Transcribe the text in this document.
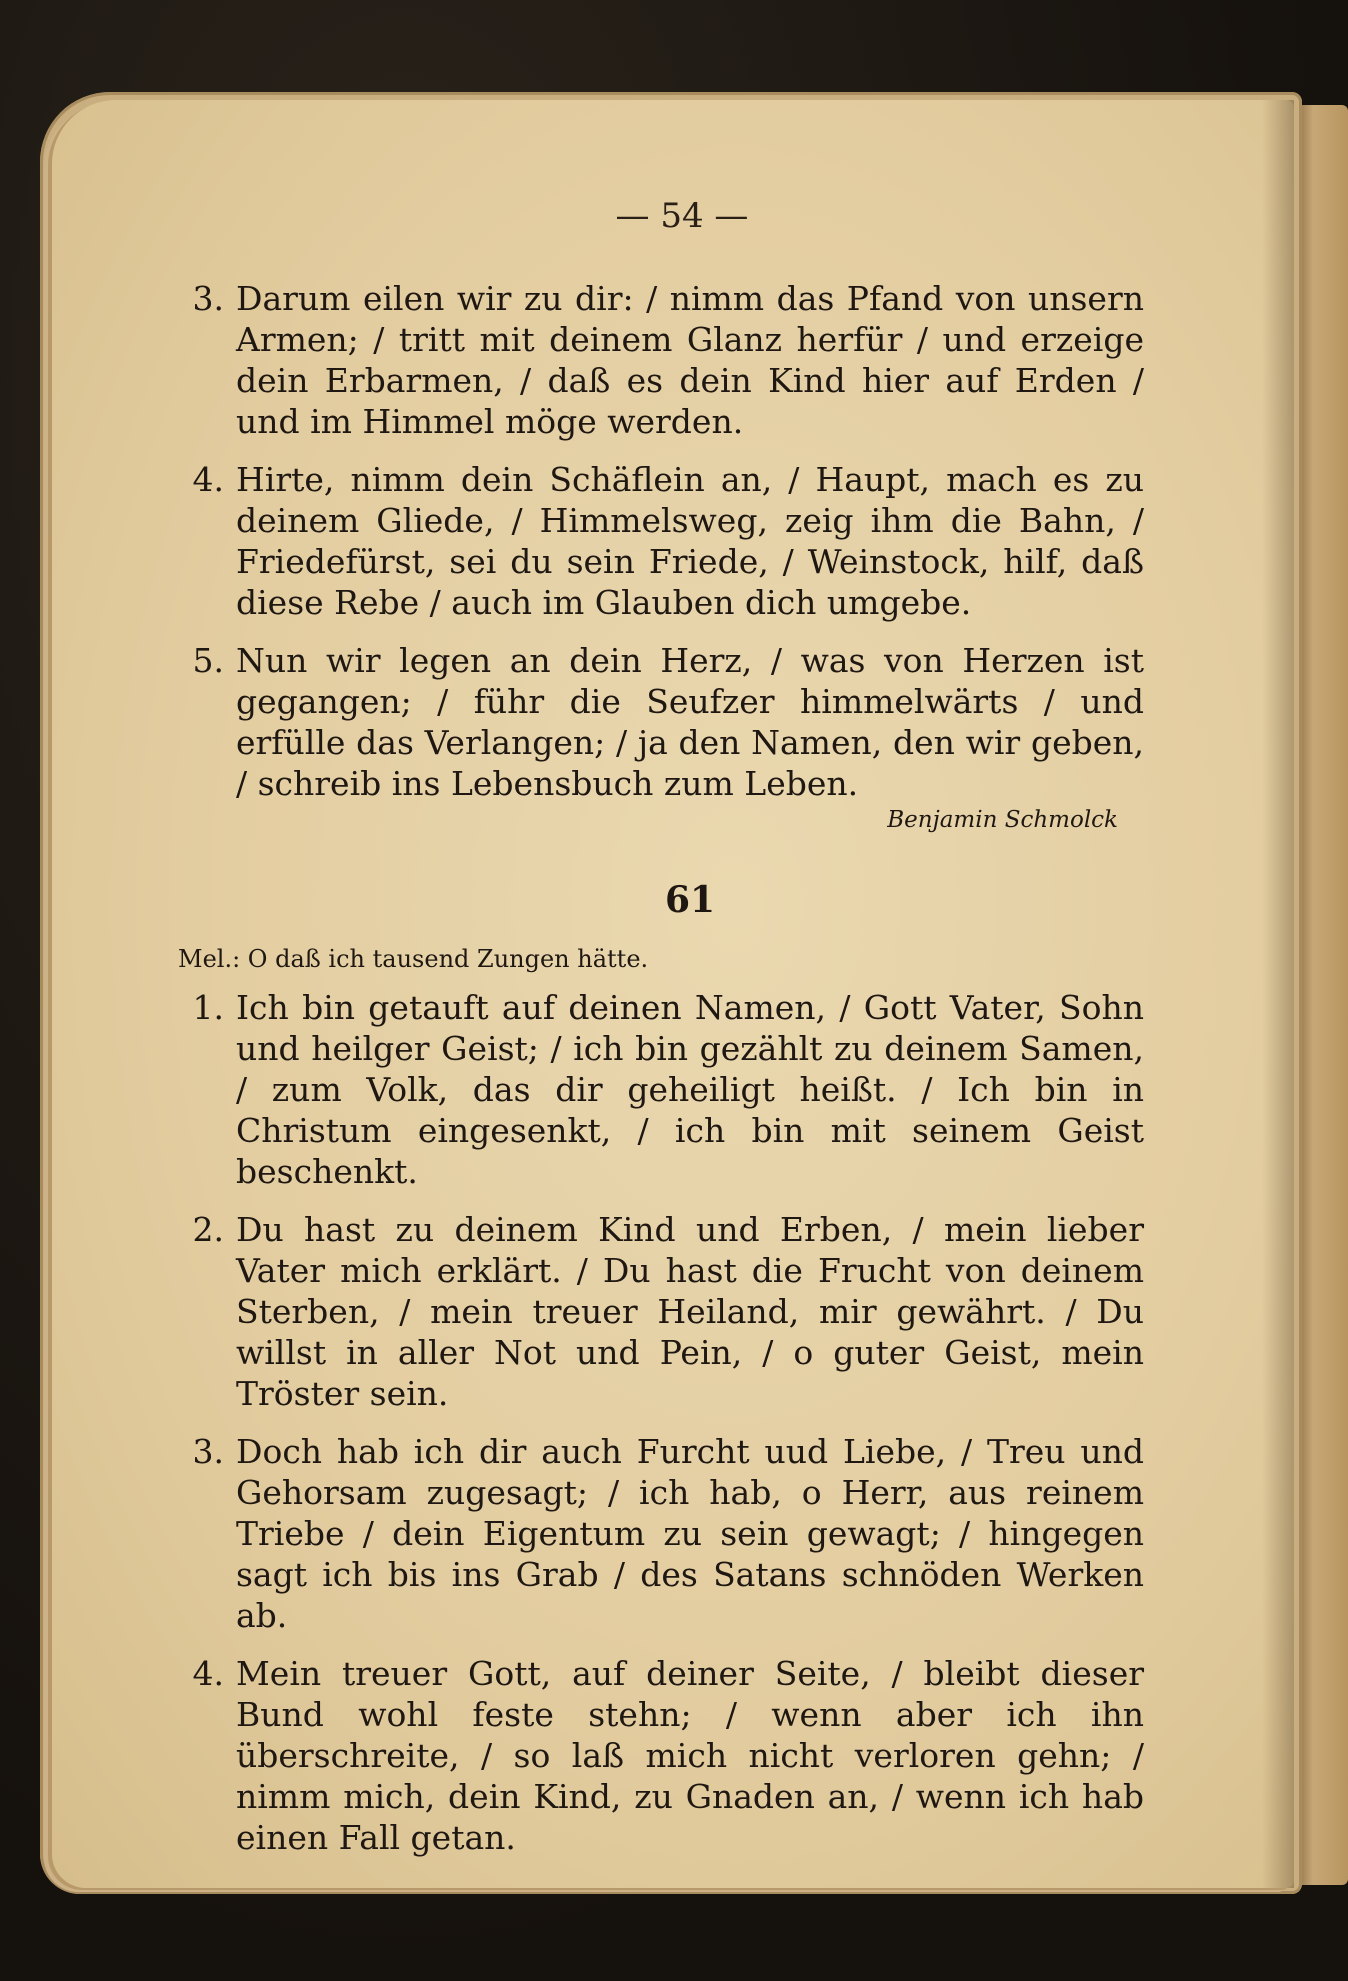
— 54 —
3. Darum eilen wir zu dir: / nimm das Pfand von unsern Armen; / tritt mit deinem Glanz herfür / und erzeige dein Erbarmen, / daß es dein Kind hier auf Erden / und im Himmel möge werden.
4. Hirte, nimm dein Schäflein an, / Haupt, mach es zu deinem Gliede, / Himmelsweg, zeig ihm die Bahn, / Friedefürst, sei du sein Friede, / Weinstock, hilf, daß diese Rebe / auch im Glauben dich umgebe.
5. Nun wir legen an dein Herz, / was von Herzen ist gegangen; / führ die Seufzer himmelwärts / und erfülle das Verlangen; / ja den Namen, den wir geben, / schreib ins Lebensbuch zum Leben.
Benjamin Schmolck
61
Mel.: O daß ich tausend Zungen hätte.
1. Ich bin getauft auf deinen Namen, / Gott Vater, Sohn und heilger Geist; / ich bin gezählt zu deinem Samen, / zum Volk, das dir geheiligt heißt. / Ich bin in Christum eingesenkt, / ich bin mit seinem Geist beschenkt.
2. Du hast zu deinem Kind und Erben, / mein lieber Vater mich erklärt. / Du hast die Frucht von deinem Sterben, / mein treuer Heiland, mir gewährt. / Du willst in aller Not und Pein, / o guter Geist, mein Tröster sein.
3. Doch hab ich dir auch Furcht uud Liebe, / Treu und Gehorsam zugesagt; / ich hab, o Herr, aus reinem Triebe / dein Eigentum zu sein gewagt; / hingegen sagt ich bis ins Grab / des Satans schnöden Werken ab.
4. Mein treuer Gott, auf deiner Seite, / bleibt dieser Bund wohl feste stehn; / wenn aber ich ihn überschreite, / so laß mich nicht verloren gehn; / nimm mich, dein Kind, zu Gnaden an, / wenn ich hab einen Fall getan.
